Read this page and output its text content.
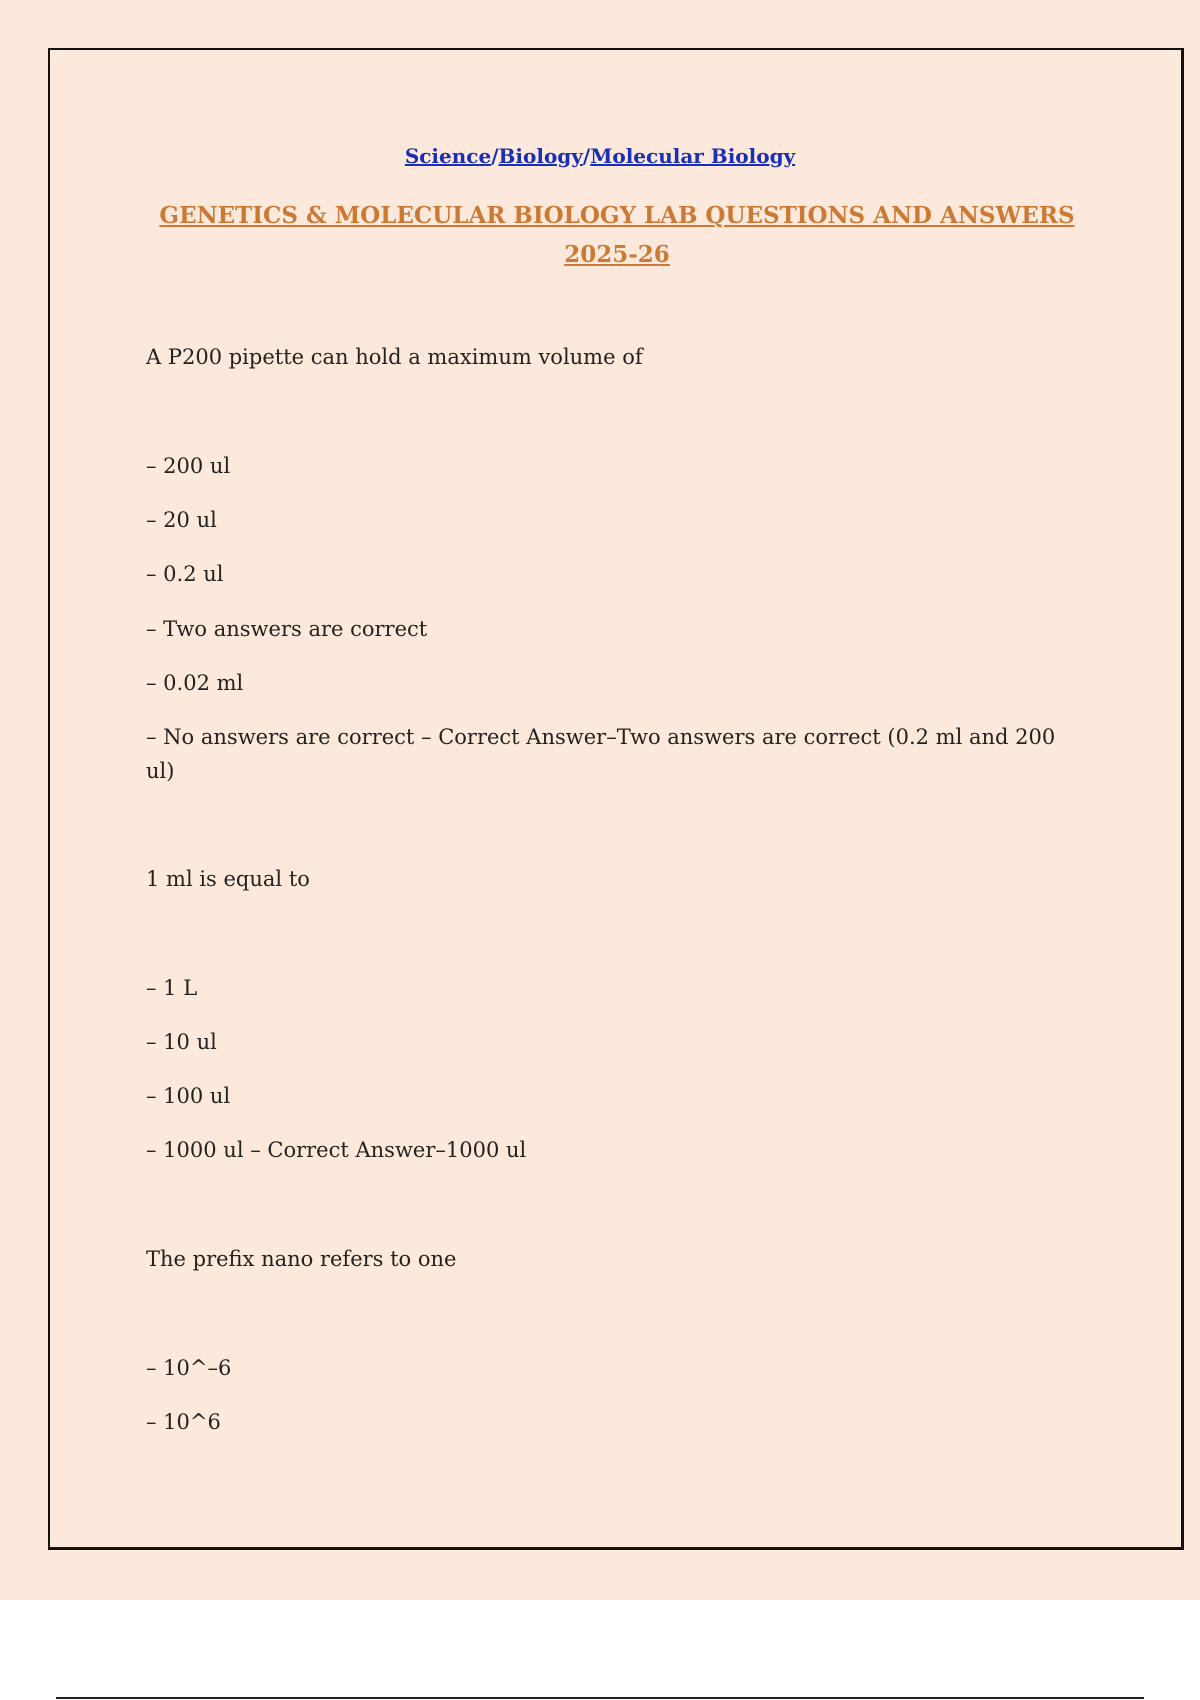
Science/Biology/Molecular Biology
GENETICS & MOLECULAR BIOLOGY LAB QUESTIONS AND ANSWERS
2025-26
A P200 pipette can hold a maximum volume of
– 200 ul
– 20 ul
– 0.2 ul
– Two answers are correct
– 0.02 ml
– No answers are correct – Correct Answer–Two answers are correct (0.2 ml and 200 ul)
1 ml is equal to
– 1 L
– 10 ul
– 100 ul
– 1000 ul – Correct Answer–1000 ul
The prefix nano refers to one
– 10^–6
– 10^6
